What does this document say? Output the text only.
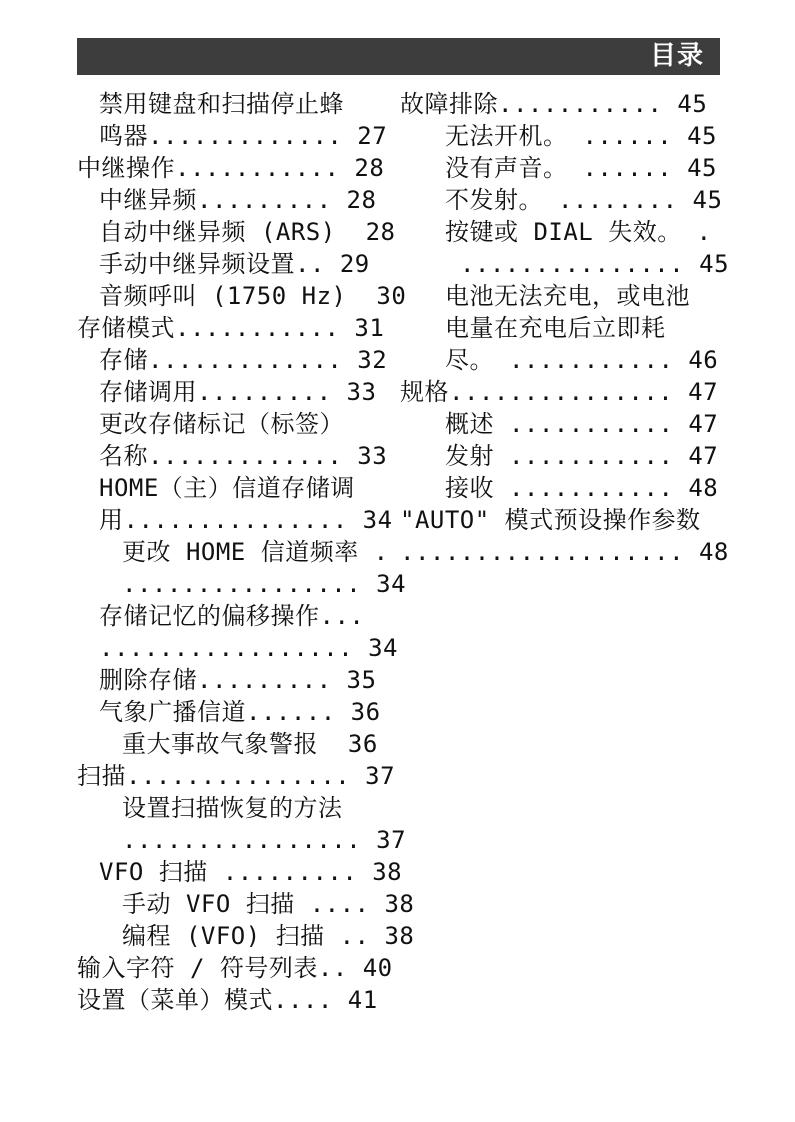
目录
禁用键盘和扫描停止蜂
鸣器............. 27
中继操作........... 28
中继异频......... 28
自动中继异频 (ARS)  28
手动中继异频设置.. 29
音频呼叫 (1750 Hz)  30
存储模式........... 31
存储............. 32
存储调用......... 33
更改存储标记（标签）
名称............. 33
HOME（主）信道存储调
用............... 34
更改 HOME 信道频率 .
................ 34
存储记忆的偏移操作...
................. 34
删除存储......... 35
气象广播信道...... 36
重大事故气象警报  36
扫描............... 37
设置扫描恢复的方法
................ 37
VFO 扫描 ......... 38
手动 VFO 扫描 .... 38
编程 (VFO) 扫描 .. 38
输入字符 / 符号列表.. 40
设置（菜单）模式.... 41
故障排除........... 45
无法开机。 ...... 45
没有声音。 ...... 45
不发射。 ........ 45
按键或 DIAL 失效。 .
............... 45
电池无法充电，或电池
电量在充电后立即耗
尽。 ........... 46
规格............... 47
概述 ........... 47
发射 ........... 47
接收 ........... 48
"AUTO" 模式预设操作参数
................... 48
